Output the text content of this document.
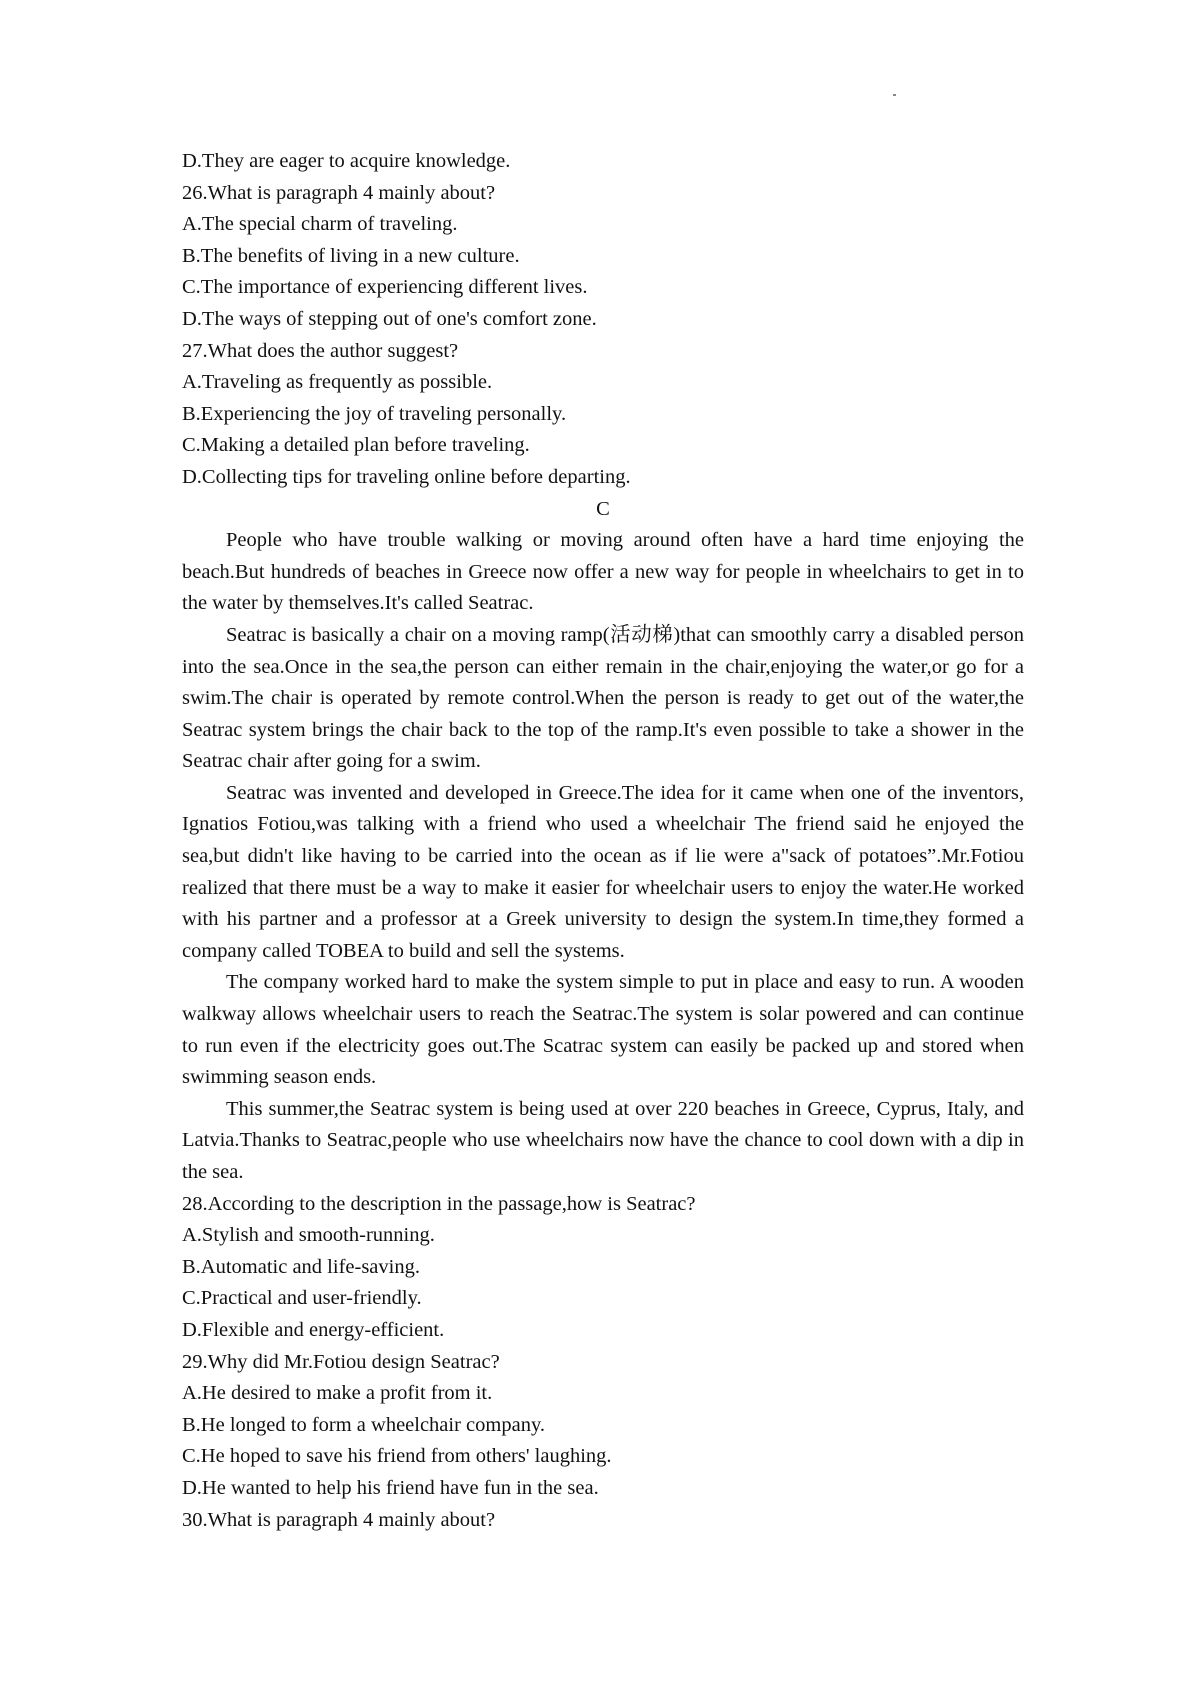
D.They are eager to acquire knowledge.
26.What is paragraph 4 mainly about?
A.The special charm of traveling.
B.The benefits of living in a new culture.
C.The importance of experiencing different lives.
D.The ways of stepping out of one's comfort zone.
27.What does the author suggest?
A.Traveling as frequently as possible.
B.Experiencing the joy of traveling personally.
C.Making a detailed plan before traveling.
D.Collecting tips for traveling online before departing.
C

People who have trouble walking or moving around often have a hard time enjoying the beach.But hundreds of beaches in Greece now offer a new way for people in wheelchairs to get in to the water by themselves.It's called Seatrac.

Seatrac is basically a chair on a moving ramp(活动梯)that can smoothly carry a disabled person into the sea.Once in the sea,the person can either remain in the chair,enjoying the water,or go for a swim.The chair is operated by remote control.When the person is ready to get out of the water,the Seatrac system brings the chair back to the top of the ramp.It's even possible to take a shower in the Seatrac chair after going for a swim.

Seatrac was invented and developed in Greece.The idea for it came when one of the inventors, Ignatios Fotiou,was talking with a friend who used a wheelchair The friend said he enjoyed the sea,but didn't like having to be carried into the ocean as if lie were a"sack of potatoes”.Mr.Fotiou realized that there must be a way to make it easier for wheelchair users to enjoy the water.He worked with his partner and a professor at a Greek university to design the system.In time,they formed a company called TOBEA to build and sell the systems.

The company worked hard to make the system simple to put in place and easy to run. A wooden walkway allows wheelchair users to reach the Seatrac.The system is solar powered and can continue to run even if the electricity goes out.The Scatrac system can easily be packed up and stored when swimming season ends.

This summer,the Seatrac system is being used at over 220 beaches in Greece, Cyprus, Italy, and Latvia.Thanks to Seatrac,people who use wheelchairs now have the chance to cool down with a dip in the sea.

28.According to the description in the passage,how is Seatrac?
A.Stylish and smooth-running.
B.Automatic and life-saving.
C.Practical and user-friendly.
D.Flexible and energy-efficient.
29.Why did Mr.Fotiou design Seatrac?
A.He desired to make a profit from it.
B.He longed to form a wheelchair company.
C.He hoped to save his friend from others' laughing.
D.He wanted to help his friend have fun in the sea.
30.What is paragraph 4 mainly about?
